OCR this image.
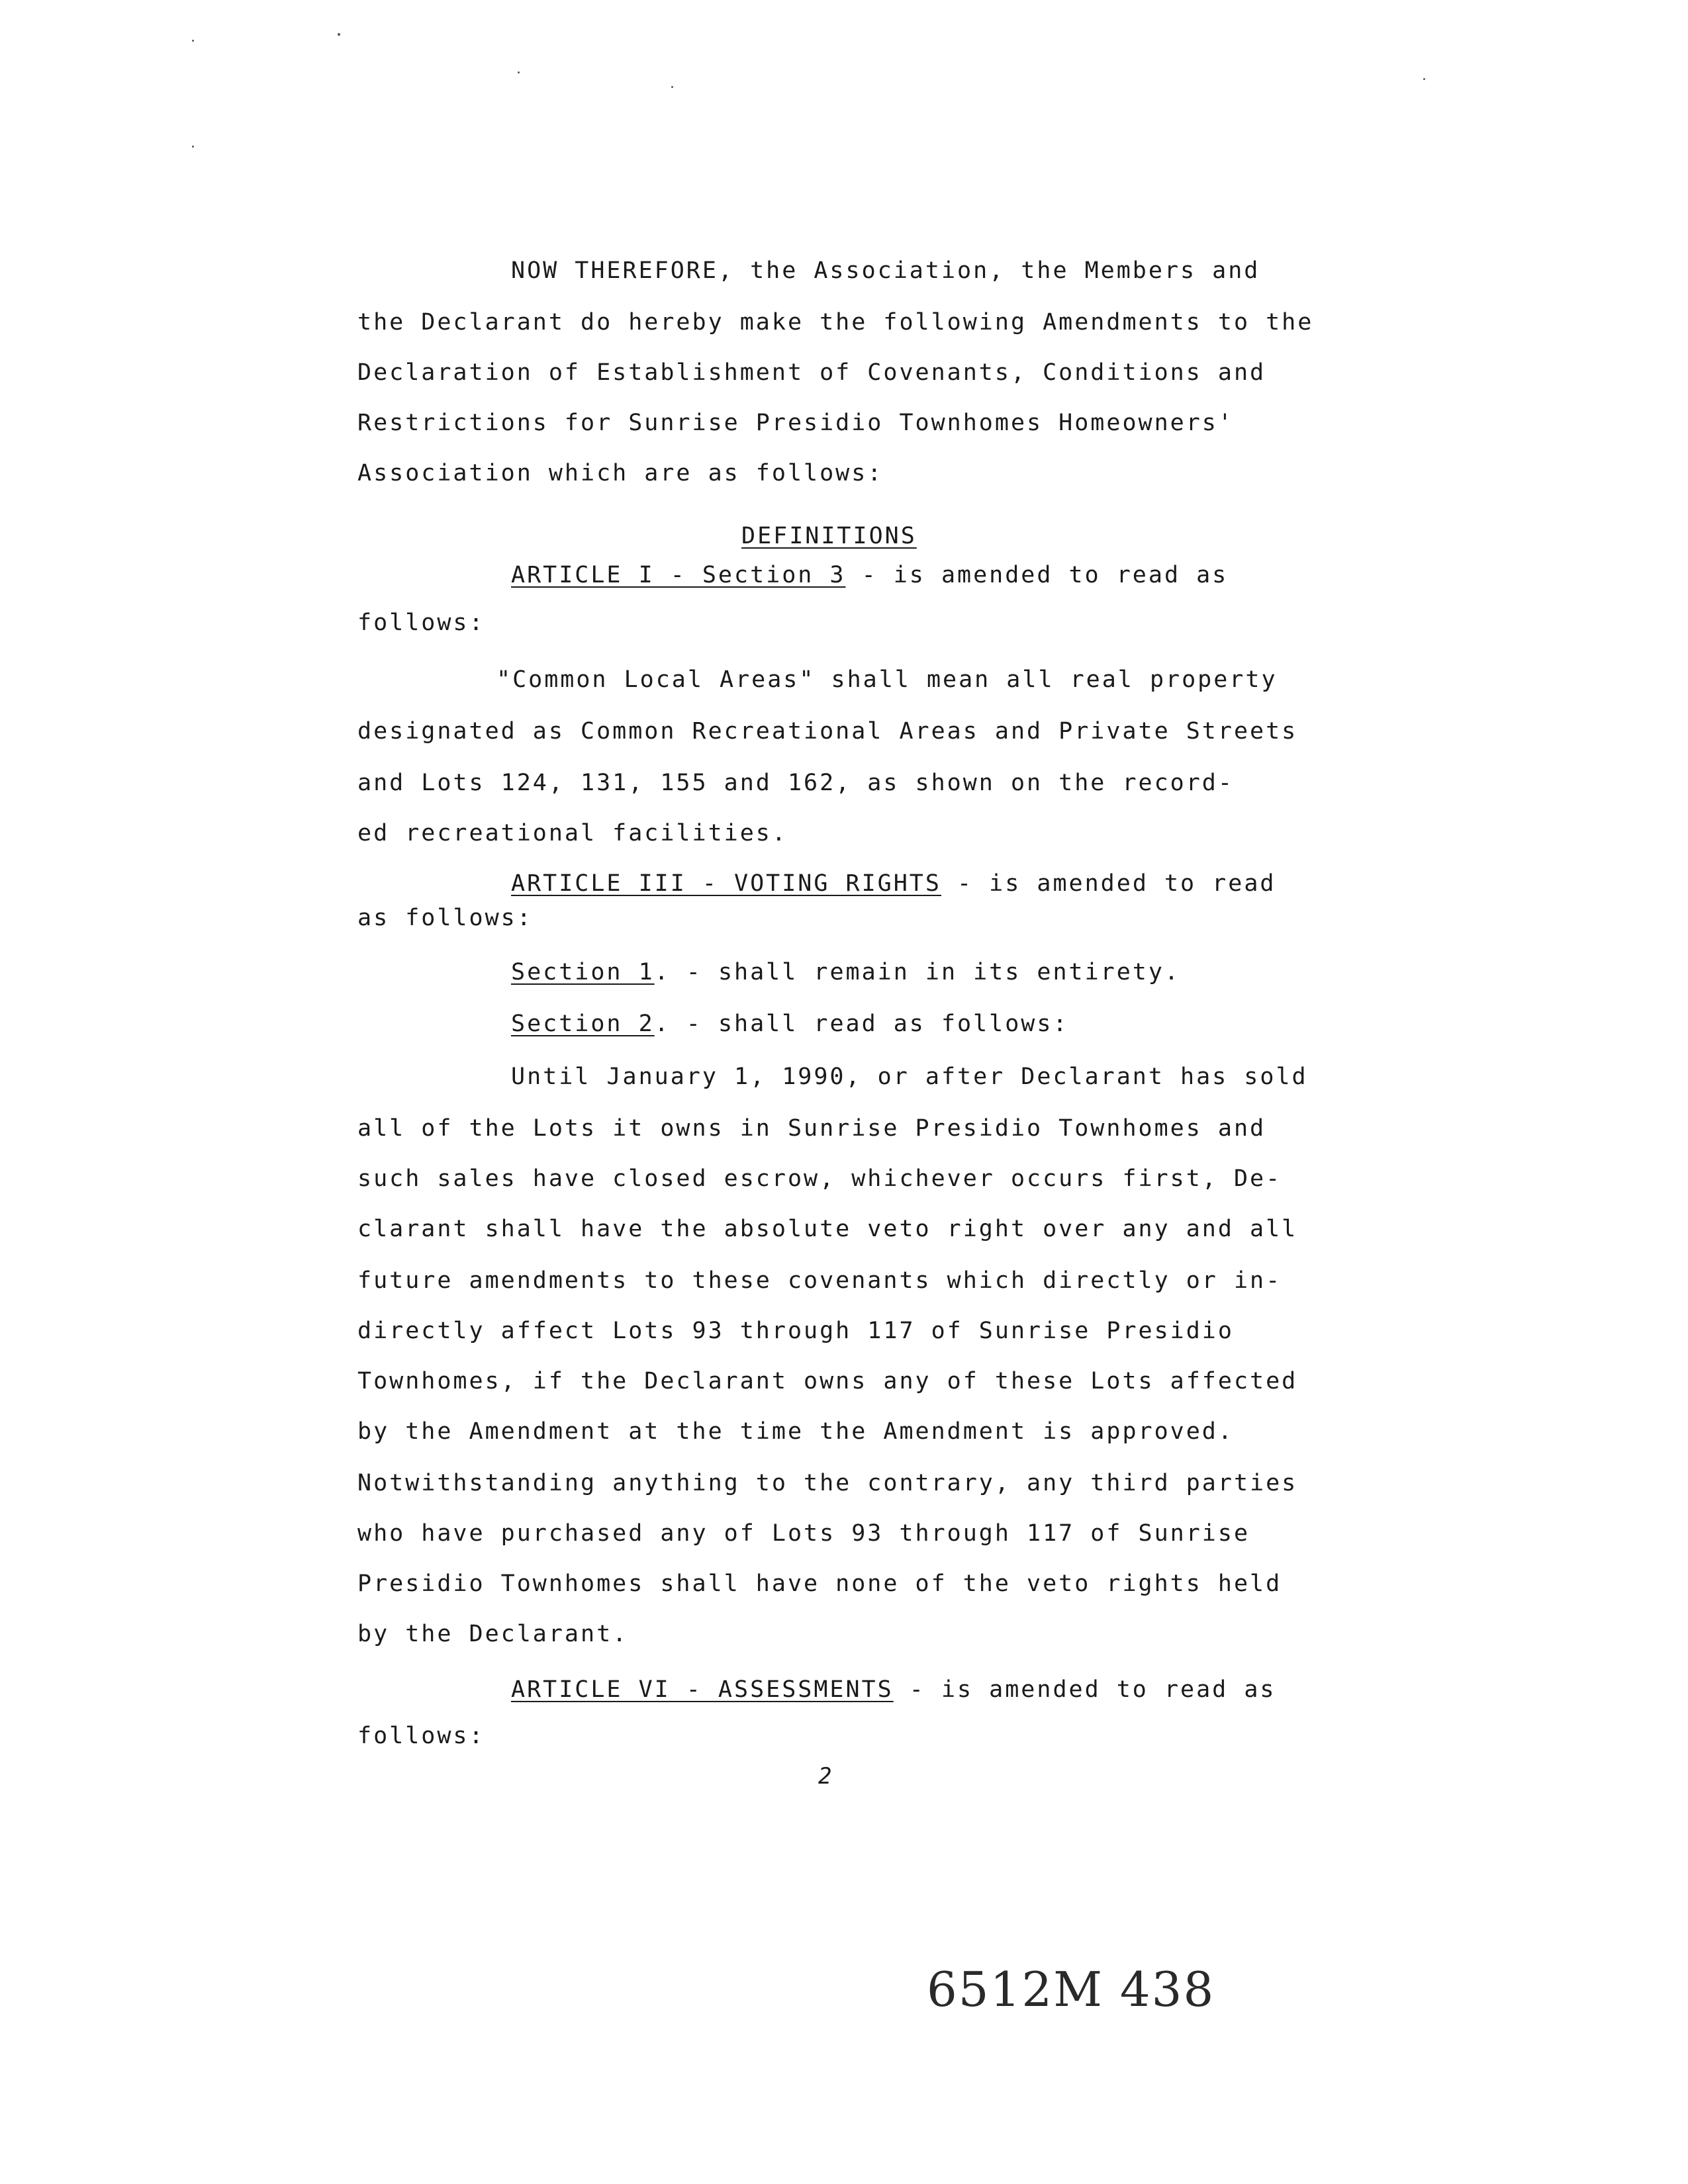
NOW THEREFORE, the Association, the Members and
the Declarant do hereby make the following Amendments to the
Declaration of Establishment of Covenants, Conditions and
Restrictions for Sunrise Presidio Townhomes Homeowners'
Association which are as follows:
DEFINITIONS
ARTICLE I - Section 3 - is amended to read as
follows:
"Common Local Areas" shall mean all real property
designated as Common Recreational Areas and Private Streets
and Lots 124, 131, 155 and 162, as shown on the record-
ed recreational facilities.
ARTICLE III - VOTING RIGHTS - is amended to read
as follows:
Section 1. - shall remain in its entirety.
Section 2. - shall read as follows:
Until January 1, 1990, or after Declarant has sold
all of the Lots it owns in Sunrise Presidio Townhomes and
such sales have closed escrow, whichever occurs first, De-
clarant shall have the absolute veto right over any and all
future amendments to these covenants which directly or in-
directly affect Lots 93 through 117 of Sunrise Presidio
Townhomes, if the Declarant owns any of these Lots affected
by the Amendment at the time the Amendment is approved.
Notwithstanding anything to the contrary, any third parties
who have purchased any of Lots 93 through 117 of Sunrise
Presidio Townhomes shall have none of the veto rights held
by the Declarant.
ARTICLE VI - ASSESSMENTS - is amended to read as
follows:
2
6512M 438
